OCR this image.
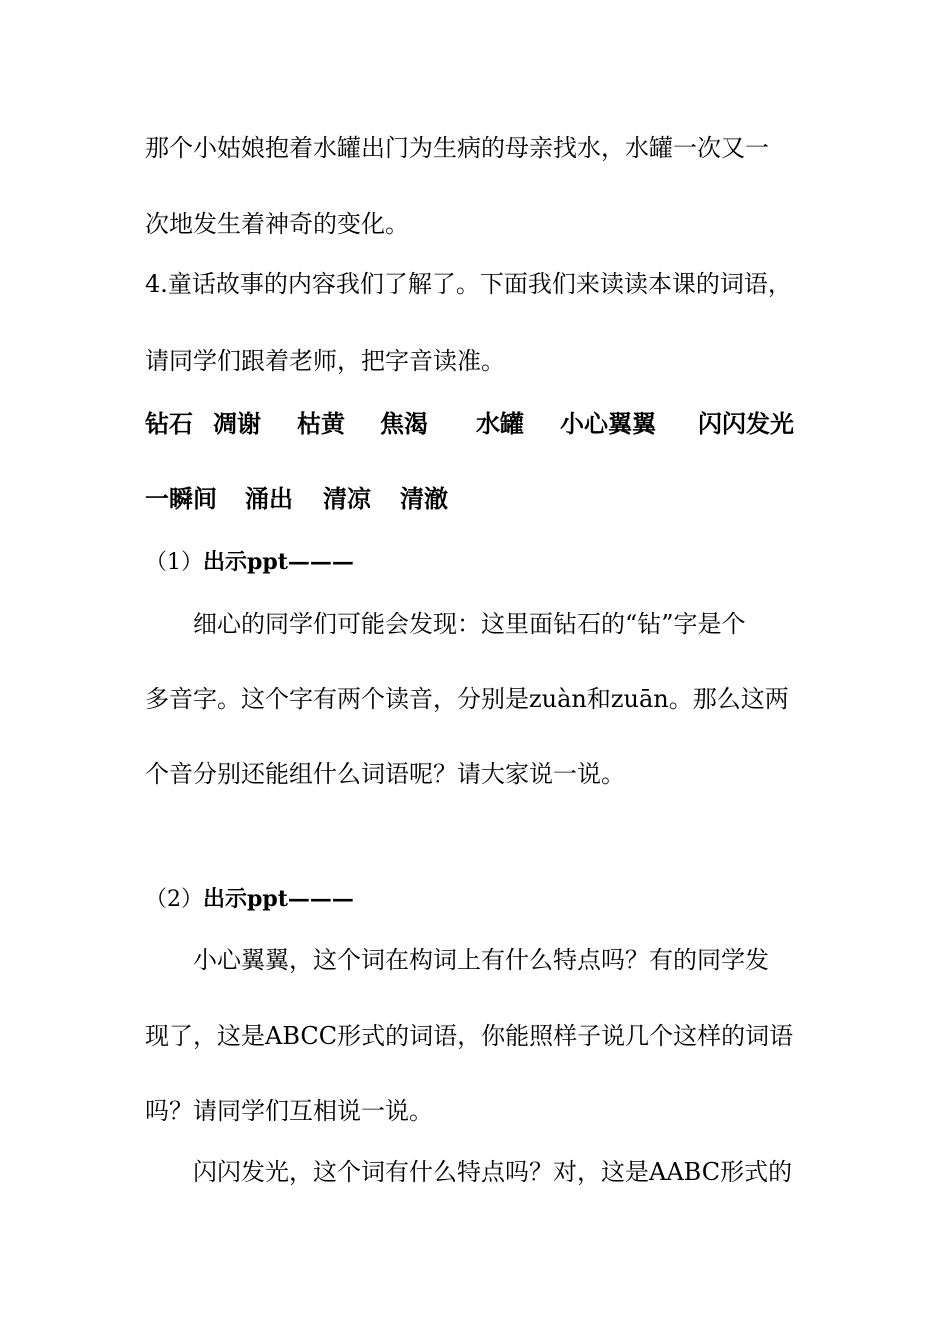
那个小姑娘抱着水罐出门为生病的母亲找水，水罐一次又一

次地发生着神奇的变化。

4.童话故事的内容我们了解了。下面我们来读读本课的词语，

请同学们跟着老师，把字音读准。

钻石 凋谢 枯黄 焦渴 水罐 小心翼翼 闪闪发光
一瞬间 涌出 清凉 清澈
（1）出示ppt———

细心的同学们可能会发现：这里面钻石的“钻”字是个

多音字。这个字有两个读音，分别是zuàn和zuān。那么这两

个音分别还能组什么词语呢？请大家说一说。

（2）出示ppt———

小心翼翼，这个词在构词上有什么特点吗？有的同学发

现了，这是ABCC形式的词语，你能照样子说几个这样的词语

吗？请同学们互相说一说。

闪闪发光，这个词有什么特点吗？对，这是AABC形式的
